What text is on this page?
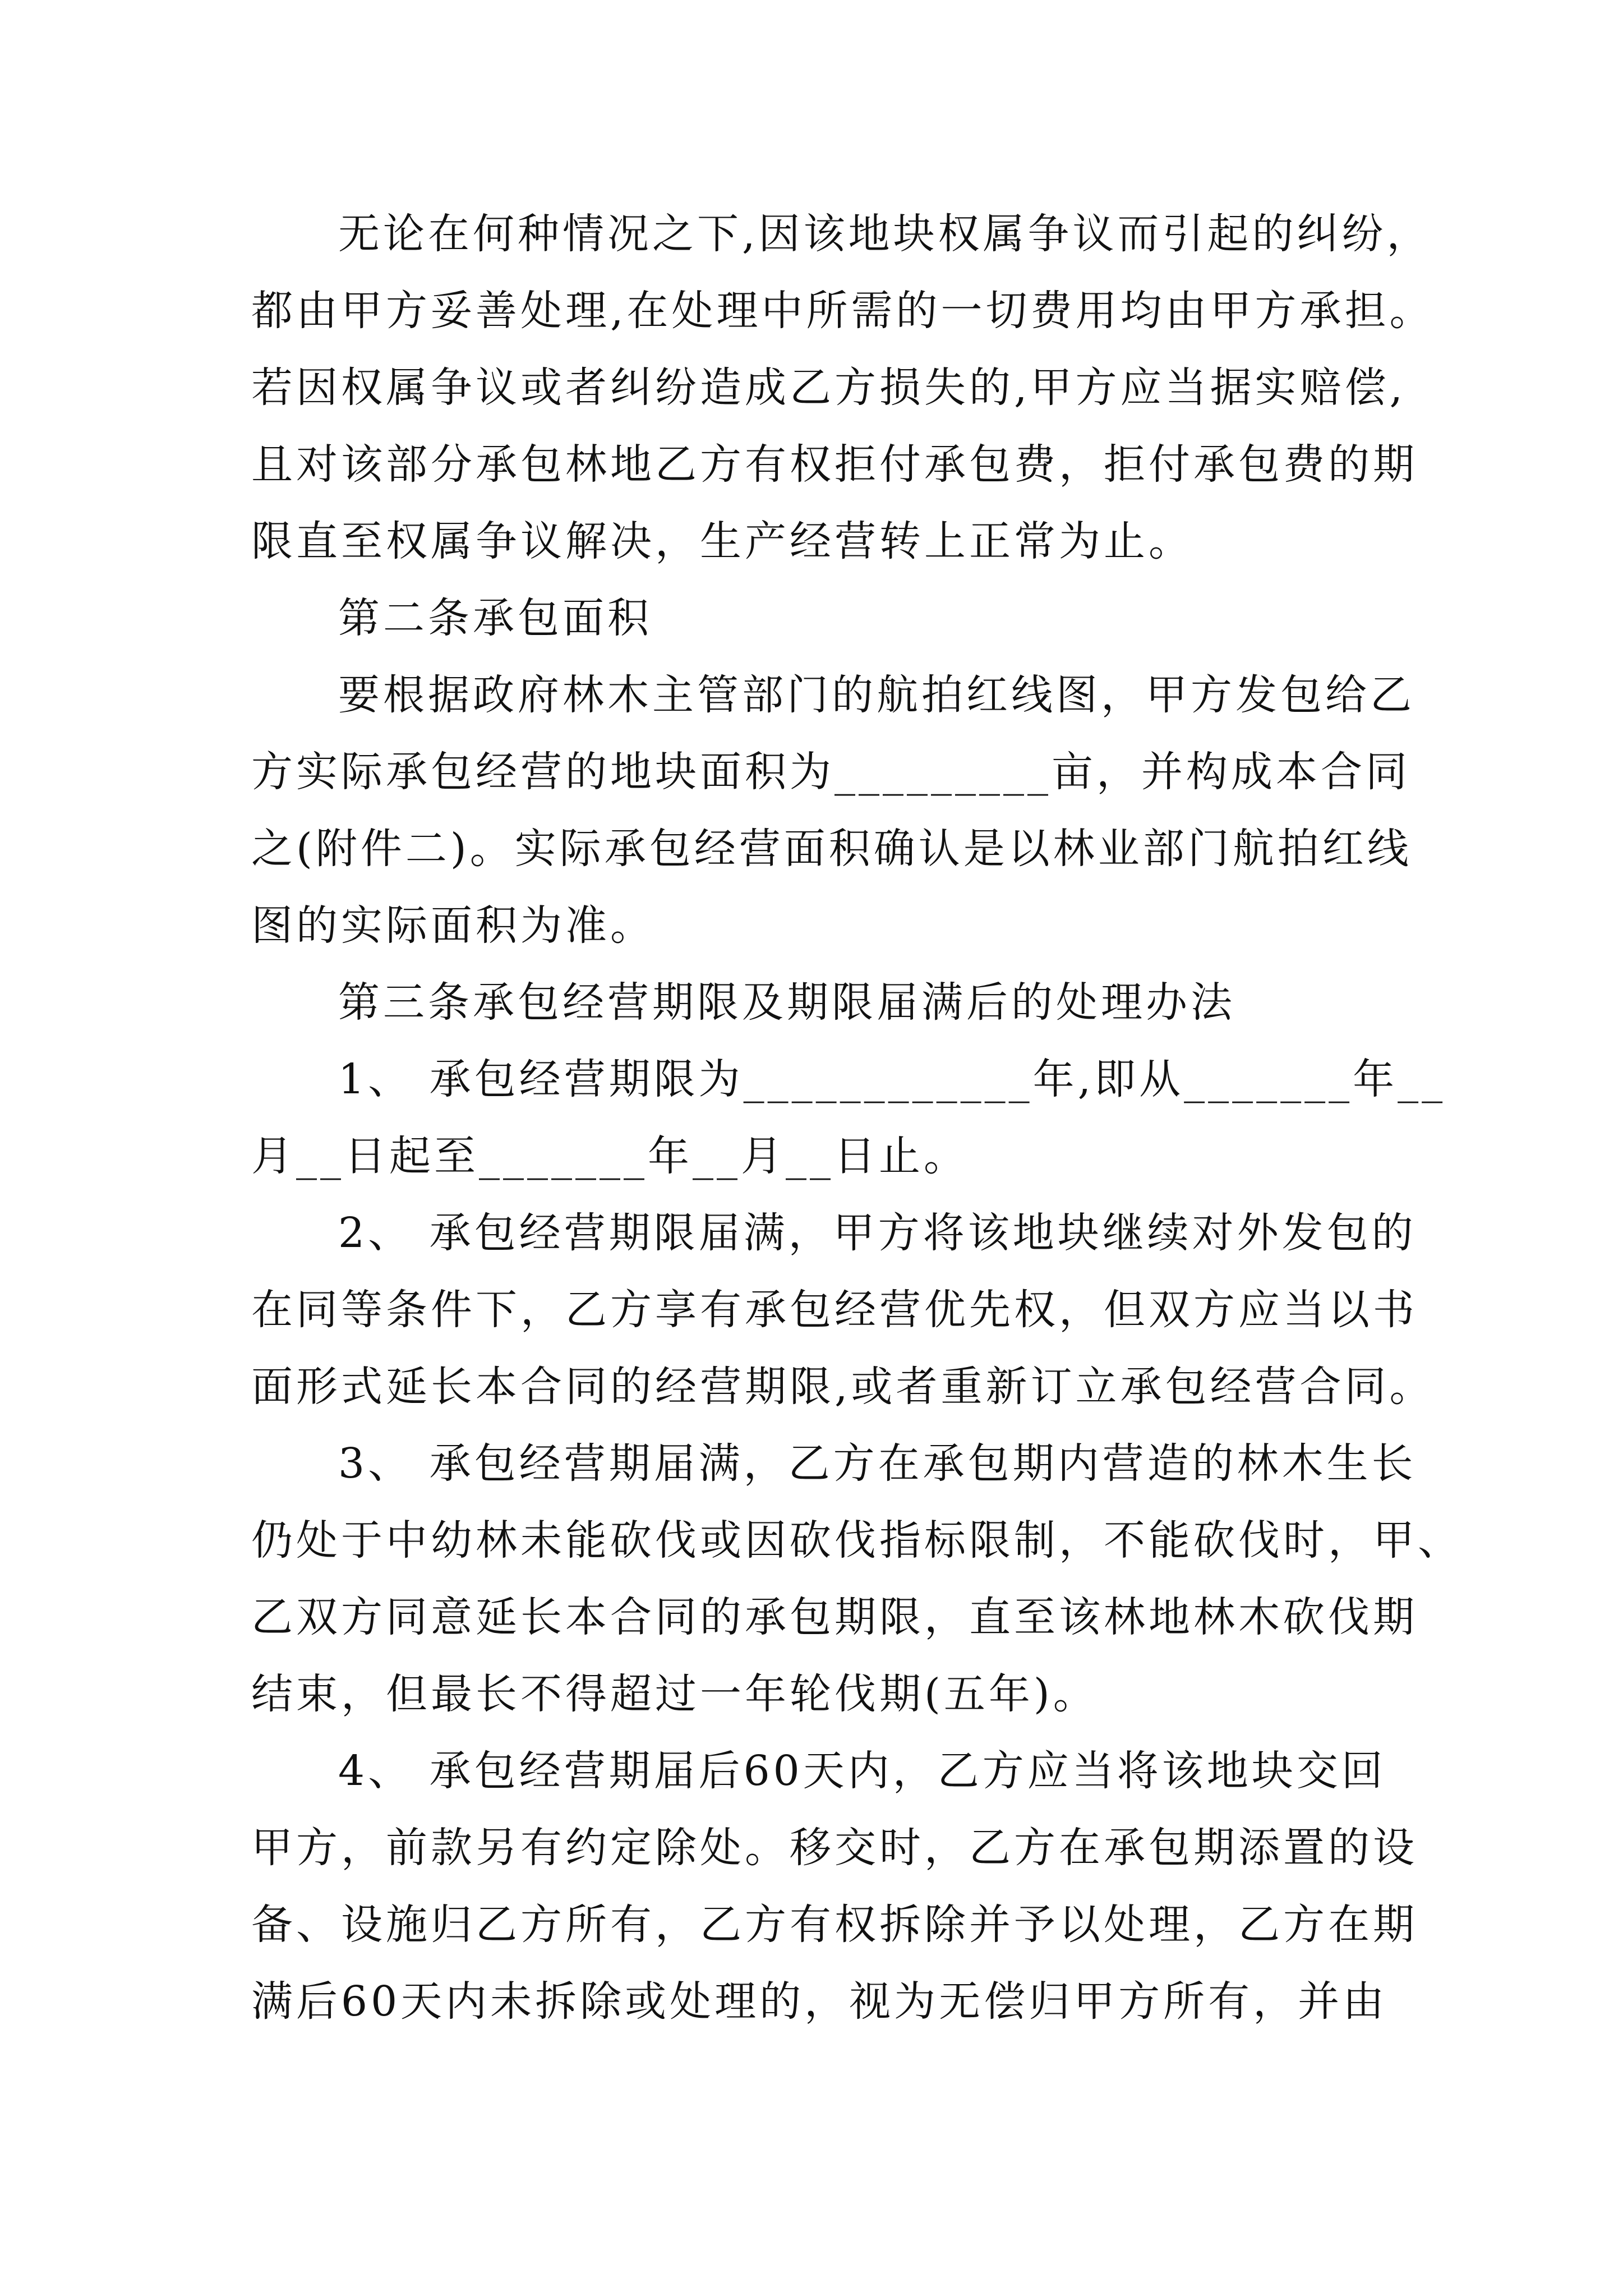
无论在何种情况之下,因该地块权属争议而引起的纠纷，
都由甲方妥善处理,在处理中所需的一切费用均由甲方承担。
若因权属争议或者纠纷造成乙方损失的,甲方应当据实赔偿,
且对该部分承包林地乙方有权拒付承包费，拒付承包费的期
限直至权属争议解决，生产经营转上正常为止。
第二条承包面积
要根据政府林木主管部门的航拍红线图，甲方发包给乙
方实际承包经营的地块面积为_________亩，并构成本合同
之(附件二)。实际承包经营面积确认是以林业部门航拍红线
图的实际面积为准。
第三条承包经营期限及期限届满后的处理办法
1、 承包经营期限为____________年,即从_______年__
月__日起至_______年__月__日止。
2、 承包经营期限届满，甲方将该地块继续对外发包的
在同等条件下，乙方享有承包经营优先权，但双方应当以书
面形式延长本合同的经营期限,或者重新订立承包经营合同。
3、 承包经营期届满，乙方在承包期内营造的林木生长
仍处于中幼林未能砍伐或因砍伐指标限制，不能砍伐时，甲、
乙双方同意延长本合同的承包期限，直至该林地林木砍伐期
结束，但最长不得超过一年轮伐期(五年)。
4、 承包经营期届后60天内，乙方应当将该地块交回
甲方，前款另有约定除处。移交时，乙方在承包期添置的设
备、设施归乙方所有，乙方有权拆除并予以处理，乙方在期
满后60天内未拆除或处理的，视为无偿归甲方所有，并由
